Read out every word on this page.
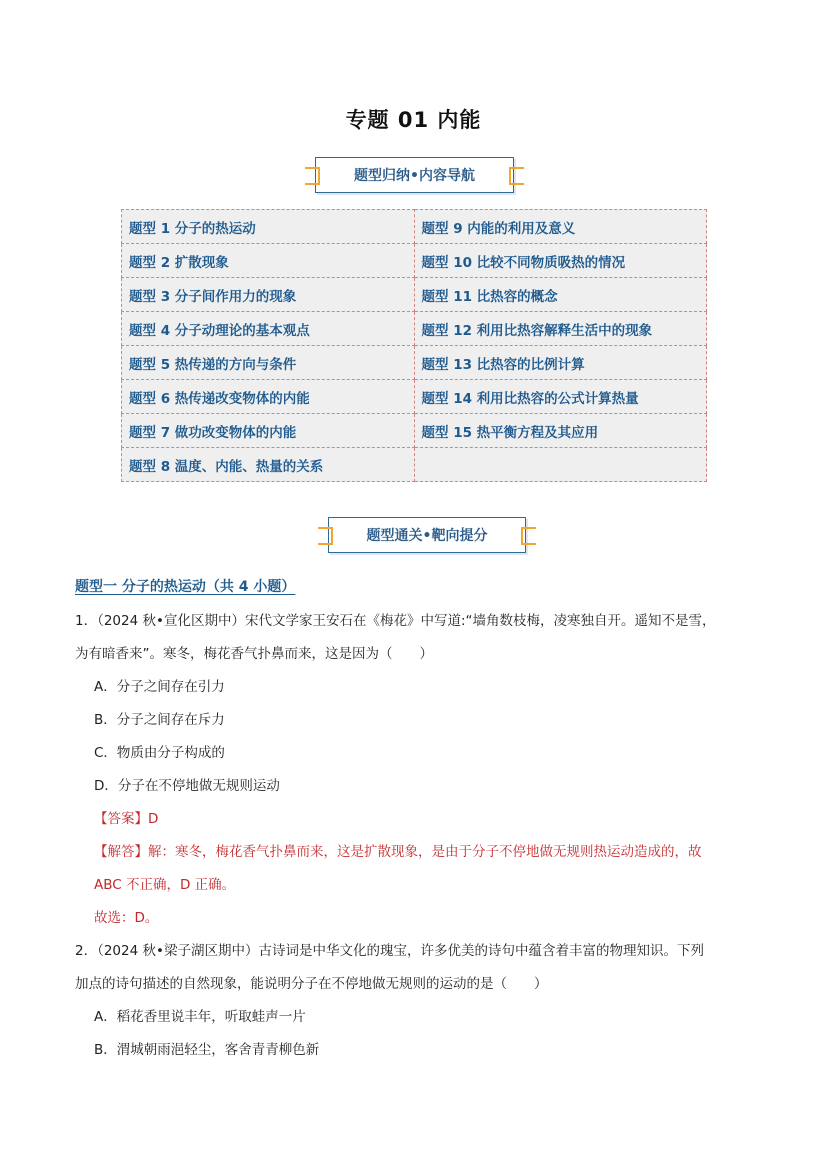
专题 01 内能
题型归纳•内容导航
题型 1 分子的热运动	题型 9 内能的利用及意义
题型 2 扩散现象	题型 10 比较不同物质吸热的情况
题型 3 分子间作用力的现象	题型 11 比热容的概念
题型 4 分子动理论的基本观点	题型 12 利用比热容解释生活中的现象
题型 5 热传递的方向与条件	题型 13 比热容的比例计算
题型 6 热传递改变物体的内能	题型 14 利用比热容的公式计算热量
题型 7 做功改变物体的内能	题型 15 热平衡方程及其应用
题型 8 温度、内能、热量的关系	
题型通关•靶向提分
题型一 分子的热运动（共 4 小题）
1．（2024 秋•宣化区期中）宋代文学家王安石在《梅花》中写道:“墙角数枝梅，凌寒独自开。遥知不是雪，
为有暗香来”。寒冬，梅花香气扑鼻而来，这是因为（　　）
A．分子之间存在引力
B．分子之间存在斥力
C．物质由分子构成的
D．分子在不停地做无规则运动
【答案】D
【解答】解：寒冬，梅花香气扑鼻而来，这是扩散现象，是由于分子不停地做无规则热运动造成的，故
ABC 不正确，D 正确。
故选：D。
2．（2024 秋•梁子湖区期中）古诗词是中华文化的瑰宝，许多优美的诗句中蕴含着丰富的物理知识。下列
加点的诗句描述的自然现象，能说明分子在不停地做无规则的运动的是（　　）
A．稻花香里说丰年，听取蛙声一片
B．渭城朝雨浥轻尘，客舍青青柳色新
